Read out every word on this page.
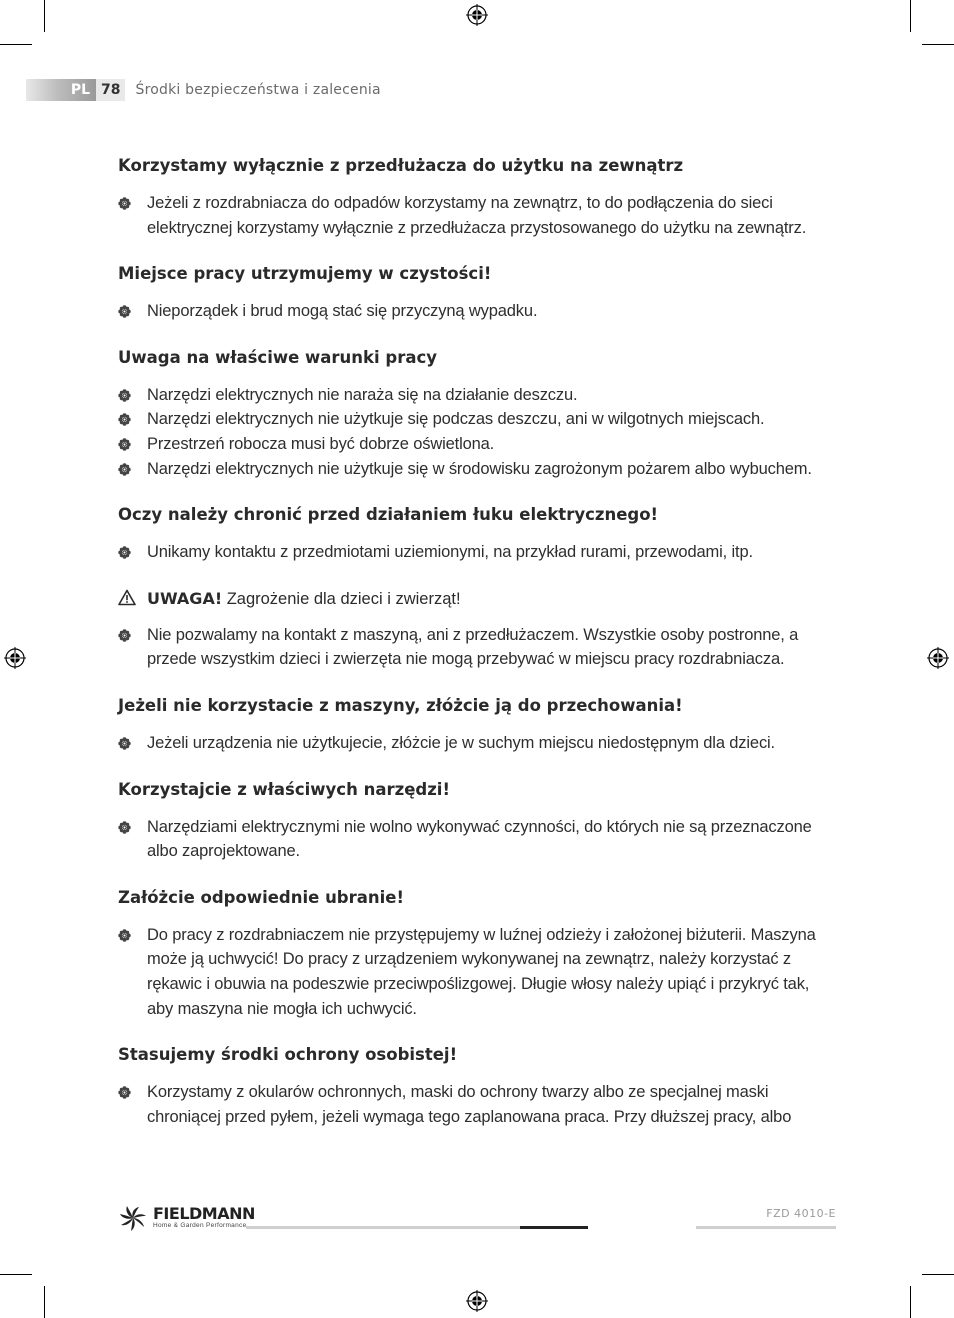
PL 78	Środki bezpieczeństwa i zalecenia
Korzystamy wyłącznie z przedłużacza do użytku na zewnątrz
Jeżeli z rozdrabniacza do odpadów korzystamy na zewnątrz, to do podłączenia do sieci elektrycznej korzystamy wyłącznie z przedłużacza przystosowanego do użytku na zewnątrz.
Miejsce pracy utrzymujemy w czystości!
Nieporządek i brud mogą stać się przyczyną wypadku.
Uwaga na właściwe warunki pracy
Narzędzi elektrycznych nie naraża się na działanie deszczu.
Narzędzi elektrycznych nie użytkuje się podczas deszczu, ani w wilgotnych miejscach.
Przestrzeń robocza musi być dobrze oświetlona.
Narzędzi elektrycznych nie użytkuje się w środowisku zagrożonym pożarem albo wybuchem.
Oczy należy chronić przed działaniem łuku elektrycznego!
Unikamy kontaktu z przedmiotami uziemionymi, na przykład rurami, przewodami, itp.
UWAGA! Zagrożenie dla dzieci i zwierząt!
Nie pozwalamy na kontakt z maszyną, ani z przedłużaczem. Wszystkie osoby postronne, a przede wszystkim dzieci i zwierzęta nie mogą przebywać w miejscu pracy rozdrabniacza.
Jeżeli nie korzystacie z maszyny, złóżcie ją do przechowania!
Jeżeli urządzenia nie użytkujecie, złóżcie je w suchym miejscu niedostępnym dla dzieci.
Korzystajcie z właściwych narzędzi!
Narzędziami elektrycznymi nie wolno wykonywać czynności, do których nie są przeznaczone albo zaprojektowane.
Załóżcie odpowiednie ubranie!
Do pracy z rozdrabniaczem nie przystępujemy w luźnej odzieży i założonej biżuterii. Maszyna może ją uchwycić! Do pracy z urządzeniem wykonywanej na zewnątrz, należy korzystać z rękawic i obuwia na podeszwie przeciwpoślizgowej. Długie włosy należy upiąć i przykryć tak, aby maszyna nie mogła ich uchwycić.
Stasujemy środki ochrony osobistej!
Korzystamy z okularów ochronnych, maski do ochrony twarzy albo ze specjalnej maski chroniącej przed pyłem, jeżeli wymaga tego zaplanowana praca. Przy dłuższej pracy, albo
FIELDMANN
Home & Garden Performance
FZD 4010-E
